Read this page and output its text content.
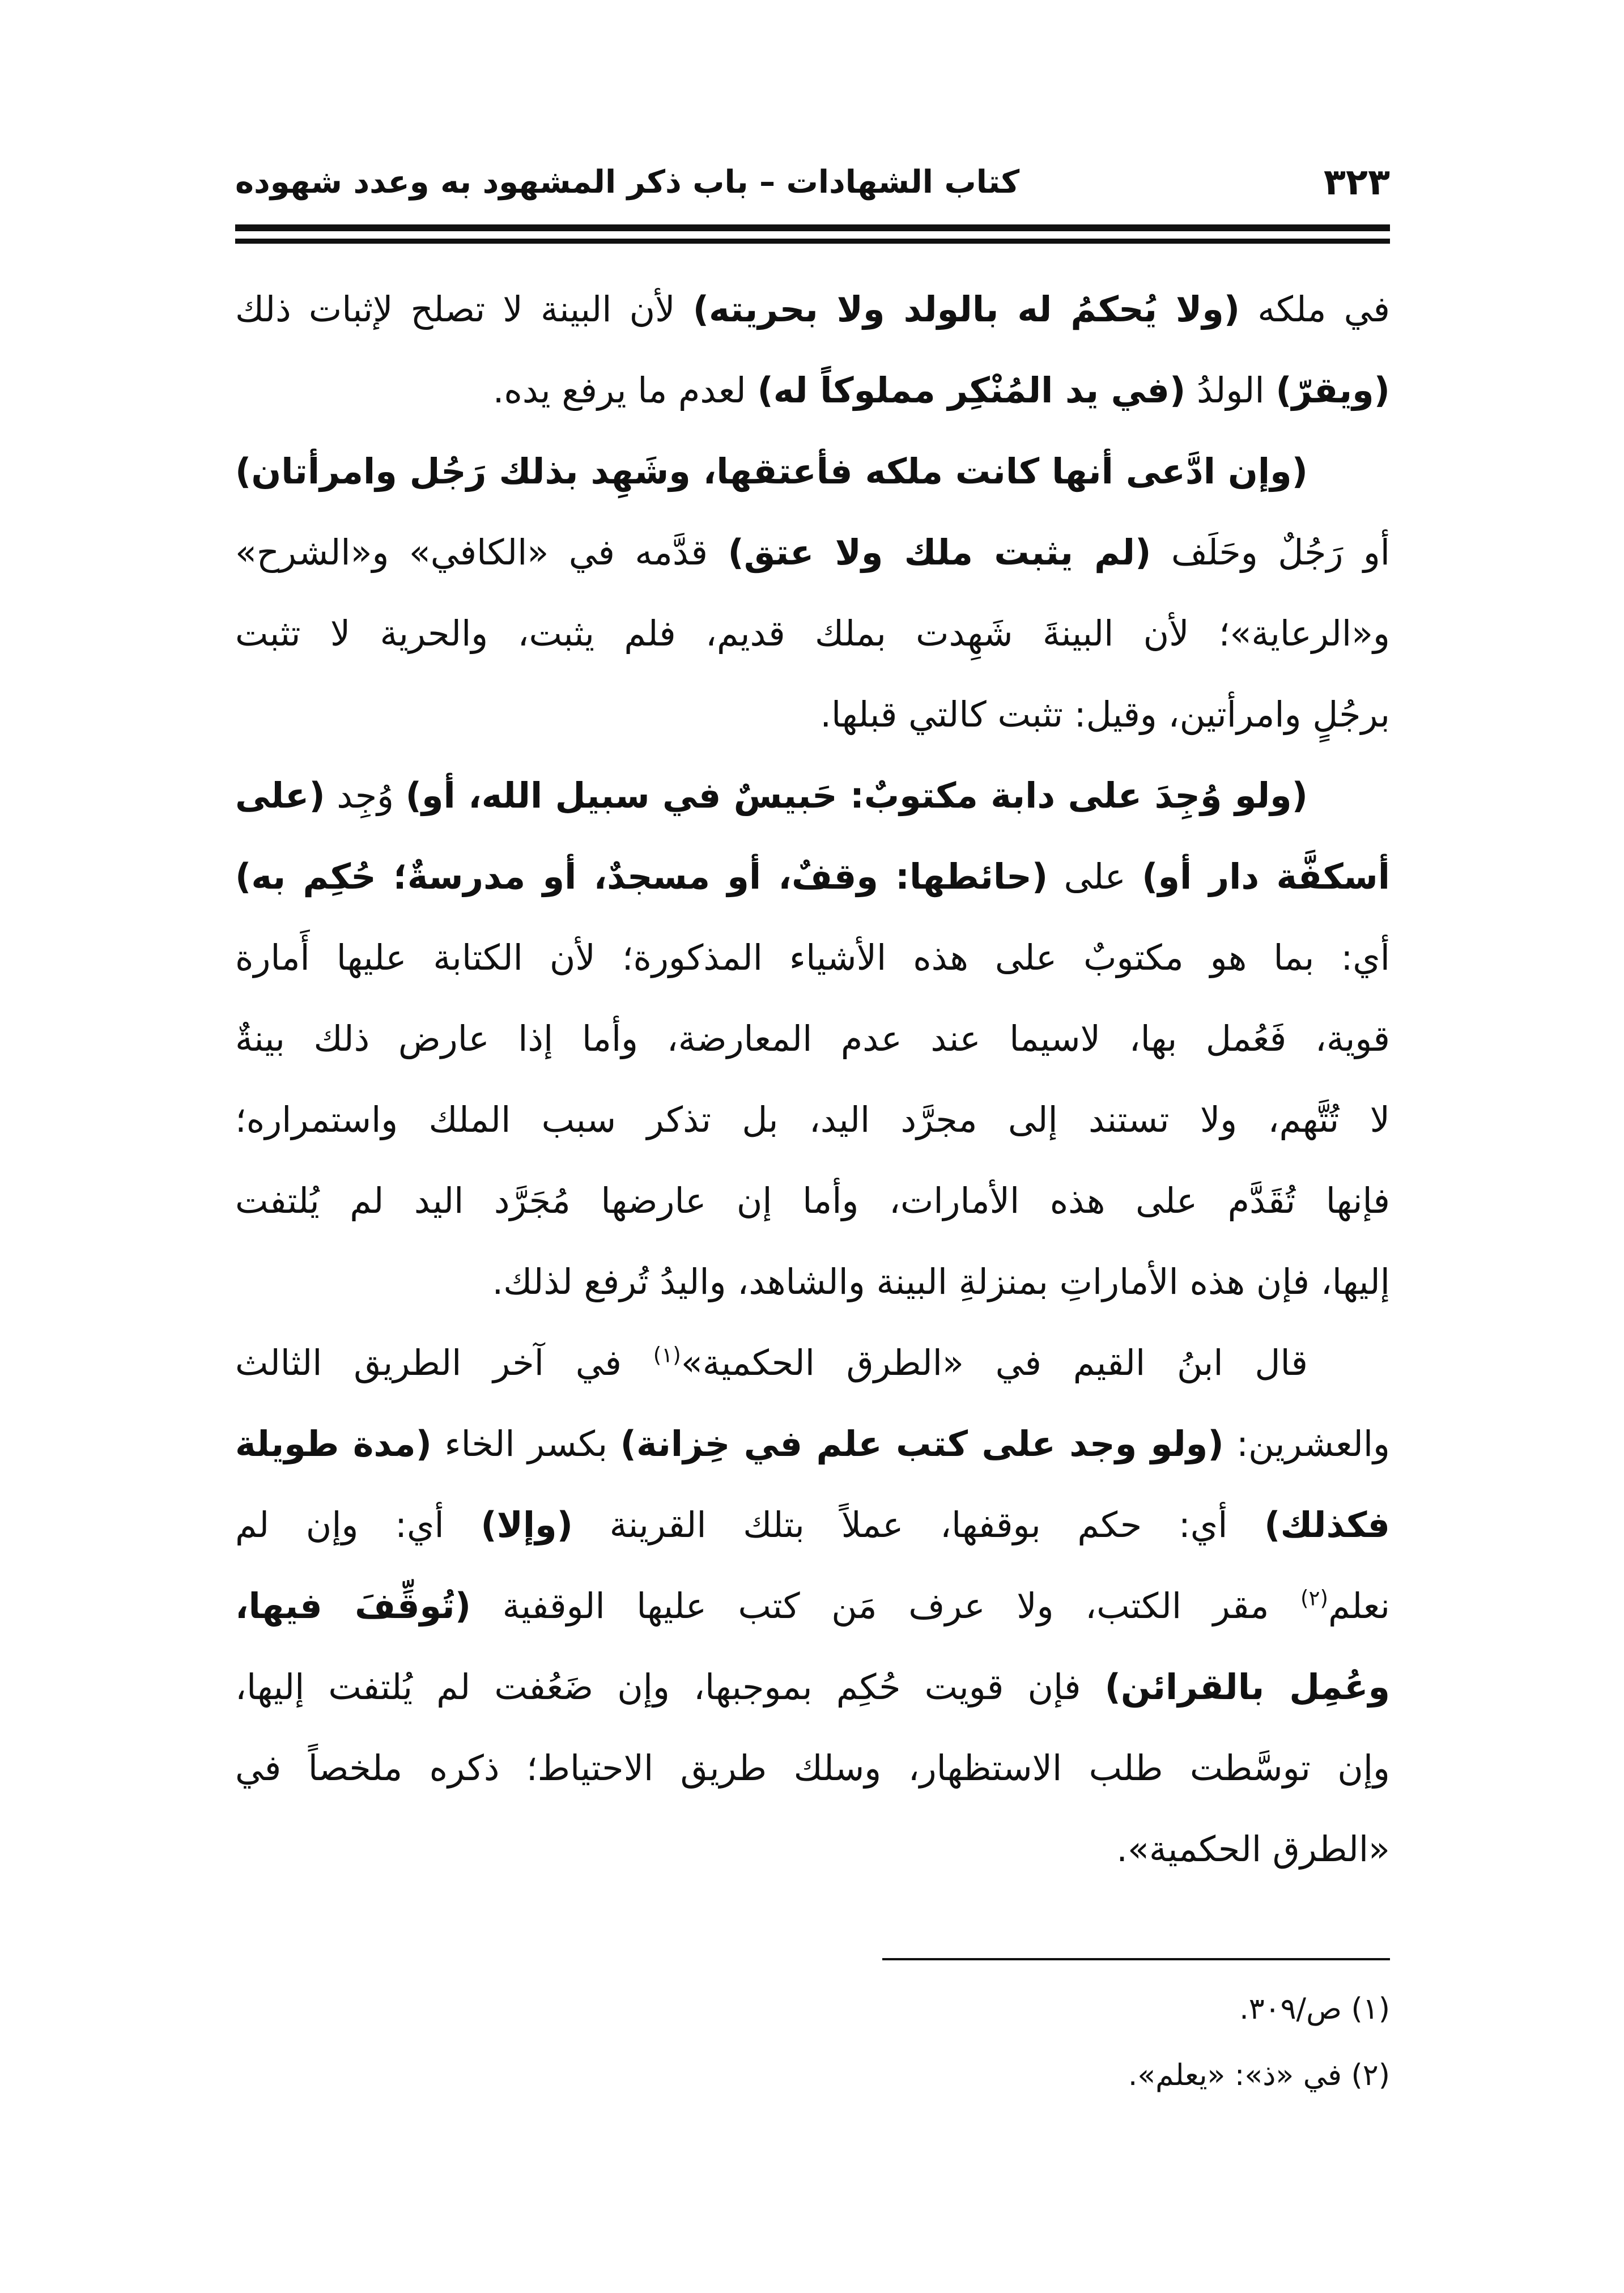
٣٢٣
كتاب الشهادات – باب ذكر المشهود به وعدد شهوده
في ملكه (ولا يُحكمُ له بالولد ولا بحريته) لأن البينة لا تصلح لإثبات ذلك
(ويقرّ) الولدُ (في يد المُنْكِر مملوكاً له) لعدم ما يرفع يده.
(وإن ادَّعى أنها كانت ملكه فأعتقها، وشَهِد بذلك رَجُل وامرأتان)
أو رَجُلٌ وحَلَف (لم يثبت ملك ولا عتق) قدَّمه في «الكافي» و«الشرح»
و«الرعاية»؛ لأن البينةَ شَهِدت بملك قديم، فلم يثبت، والحرية لا تثبت
برجُلٍ وامرأتين، وقيل: تثبت كالتي قبلها.
(ولو وُجِدَ على دابة مكتوبٌ: حَبيسٌ في سبيل الله، أو) وُجِد (على
أسكفَّة دار أو) على (حائطها: وقفٌ، أو مسجدٌ، أو مدرسةٌ؛ حُكِم به)
أي: بما هو مكتوبٌ على هذه الأشياء المذكورة؛ لأن الكتابة عليها أَمارة
قوية، فَعُمل بها، لاسيما عند عدم المعارضة، وأما إذا عارض ذلك بينةٌ
لا تُتَّهم، ولا تستند إلى مجرَّد اليد، بل تذكر سبب الملك واستمراره؛
فإنها تُقَدَّم على هذه الأمارات، وأما إن عارضها مُجَرَّد اليد لم يُلتفت
إليها، فإن هذه الأماراتِ بمنزلةِ البينة والشاهد، واليدُ تُرفع لذلك.
قال ابنُ القيم في «الطرق الحكمية»$^{(١)}$ في آخر الطريق الثالث
والعشرين: (ولو وجد على كتب علم في خِزانة) بكسر الخاء (مدة طويلة
فكذلك) أي: حكم بوقفها، عملاً بتلك القرينة (وإلا) أي: وإن لم
نعلم$^{(٢)}$ مقر الكتب، ولا عرف مَن كتب عليها الوقفية (تُوقِّفَ فيها،
وعُمِل بالقرائن) فإن قويت حُكِم بموجبها، وإن ضَعُفت لم يُلتفت إليها،
وإن توسَّطت طلب الاستظهار، وسلك طريق الاحتياط؛ ذكره ملخصاً في
«الطرق الحكمية».
(١) ص/٣٠٩.
(٢) في «ذ»: «يعلم».
